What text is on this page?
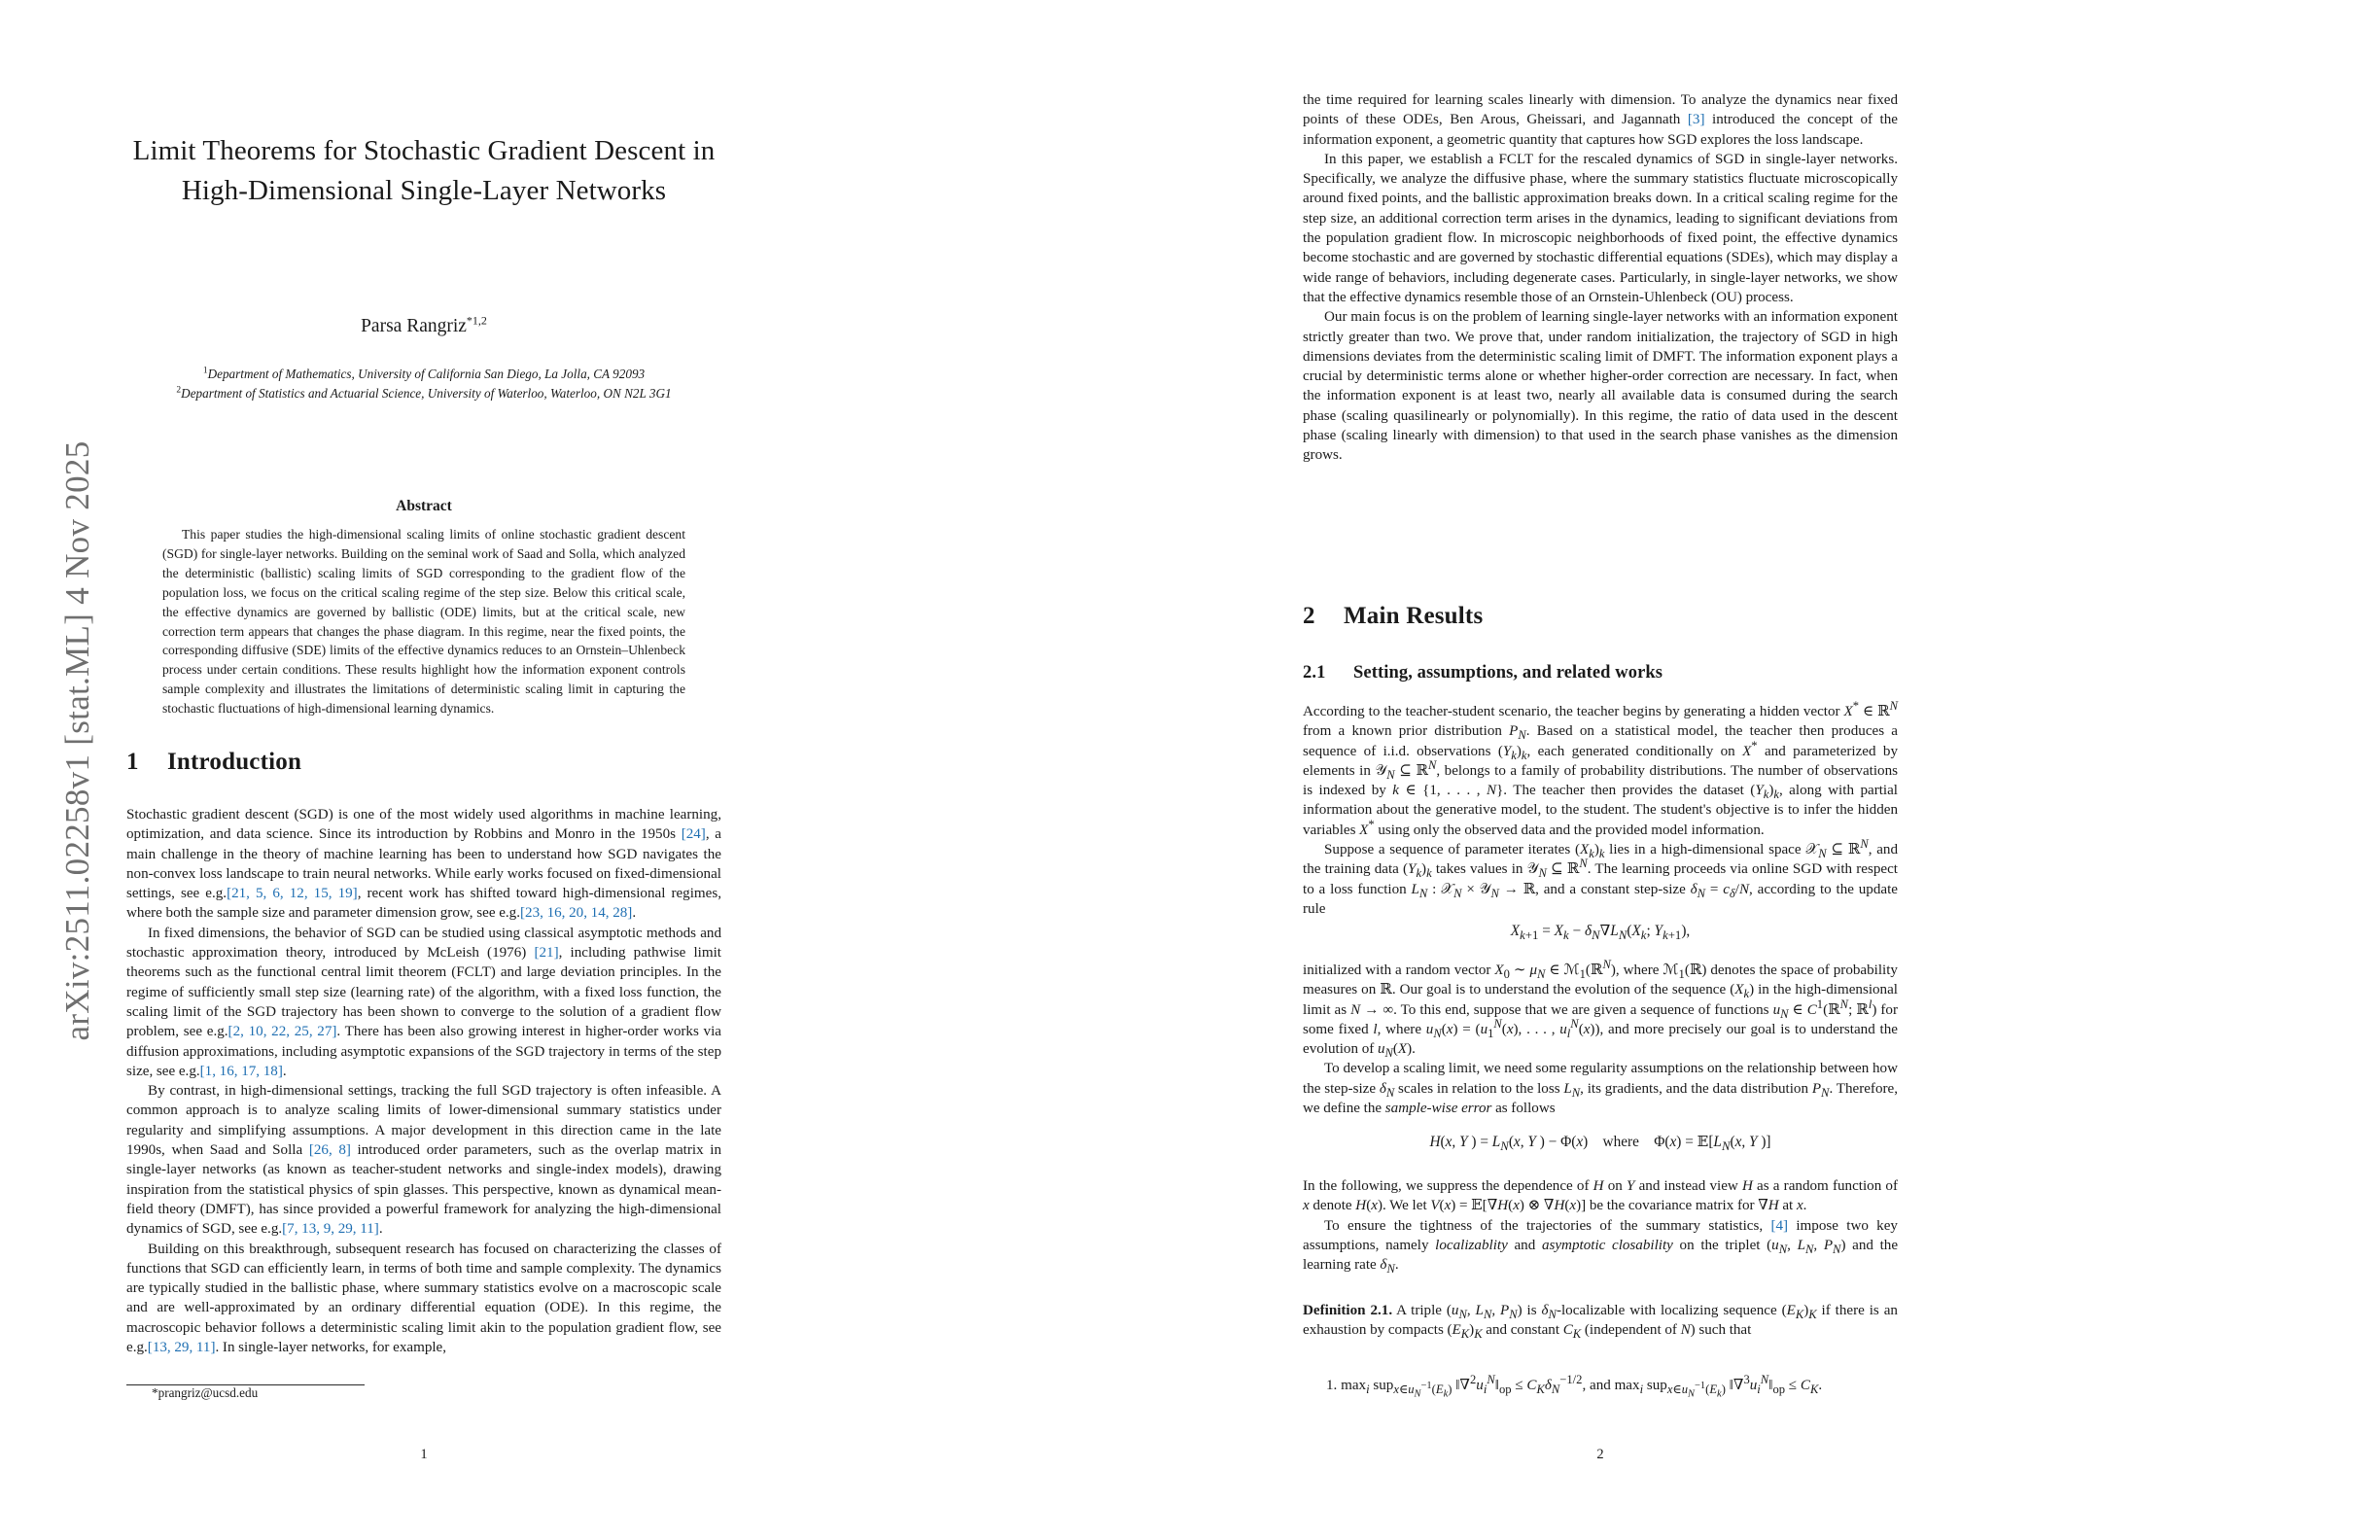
arXiv:2511.02258v1 [stat.ML] 4 Nov 2025
Limit Theorems for Stochastic Gradient Descent in
High-Dimensional Single-Layer Networks

Parsa Rangriz$^{*1,2}$

$^1$Department of Mathematics, University of California San Diego, La Jolla, CA 92093

$^2$Department of Statistics and Actuarial Science, University of Waterloo, Waterloo, ON N2L 3G1

Abstract

This paper studies the high-dimensional scaling limits of online stochastic gradient descent (SGD) for single-layer networks. Building on the seminal work of Saad and Solla, which analyzed the deterministic (ballistic) scaling limits of SGD corresponding to the gradient flow of the population loss, we focus on the critical scaling regime of the step size. Below this critical scale, the effective dynamics are governed by ballistic (ODE) limits, but at the critical scale, new correction term appears that changes the phase diagram. In this regime, near the fixed points, the corresponding diffusive (SDE) limits of the effective dynamics reduces to an Ornstein–Uhlenbeck process under certain conditions. These results highlight how the information exponent controls sample complexity and illustrates the limitations of deterministic scaling limit in capturing the stochastic fluctuations of high-dimensional learning dynamics.

1 Introduction

Stochastic gradient descent (SGD) is one of the most widely used algorithms in machine learning, optimization, and data science. Since its introduction by Robbins and Monro in the 1950s [24], a main challenge in the theory of machine learning has been to understand how SGD navigates the non-convex loss landscape to train neural networks. While early works focused on fixed-dimensional settings, see e.g.[21, 5, 6, 12, 15, 19], recent work has shifted toward high-dimensional regimes, where both the sample size and parameter dimension grow, see e.g.[23, 16, 20, 14, 28].

In fixed dimensions, the behavior of SGD can be studied using classical asymptotic methods and stochastic approximation theory, introduced by McLeish (1976) [21], including pathwise limit theorems such as the functional central limit theorem (FCLT) and large deviation principles. In the regime of sufficiently small step size (learning rate) of the algorithm, with a fixed loss function, the scaling limit of the SGD trajectory has been shown to converge to the solution of a gradient flow problem, see e.g.[2, 10, 22, 25, 27]. There has been also growing interest in higher-order works via diffusion approximations, including asymptotic expansions of the SGD trajectory in terms of the step size, see e.g.[1, 16, 17, 18].

By contrast, in high-dimensional settings, tracking the full SGD trajectory is often infeasible. A common approach is to analyze scaling limits of lower-dimensional summary statistics under regularity and simplifying assumptions. A major development in this direction came in the late 1990s, when Saad and Solla [26, 8] introduced order parameters, such as the overlap matrix in single-layer networks (as known as teacher-student networks and single-index models), drawing inspiration from the statistical physics of spin glasses. This perspective, known as dynamical mean-field theory (DMFT), has since provided a powerful framework for analyzing the high-dimensional dynamics of SGD, see e.g.[7, 13, 9, 29, 11].

Building on this breakthrough, subsequent research has focused on characterizing the classes of functions that SGD can efficiently learn, in terms of both time and sample complexity. The dynamics are typically studied in the ballistic phase, where summary statistics evolve on a macroscopic scale and are well-approximated by an ordinary differential equation (ODE). In this regime, the macroscopic behavior follows a deterministic scaling limit akin to the population gradient flow, see e.g.[13, 29, 11]. In single-layer networks, for example,

*prangriz@ucsd.edu

1

the time required for learning scales linearly with dimension. To analyze the dynamics near fixed points of these ODEs, Ben Arous, Gheissari, and Jagannath [3] introduced the concept of the information exponent, a geometric quantity that captures how SGD explores the loss landscape.

In this paper, we establish a FCLT for the rescaled dynamics of SGD in single-layer networks. Specifically, we analyze the diffusive phase, where the summary statistics fluctuate microscopically around fixed points, and the ballistic approximation breaks down. In a critical scaling regime for the step size, an additional correction term arises in the dynamics, leading to significant deviations from the population gradient flow. In microscopic neighborhoods of fixed point, the effective dynamics become stochastic and are governed by stochastic differential equations (SDEs), which may display a wide range of behaviors, including degenerate cases. Particularly, in single-layer networks, we show that the effective dynamics resemble those of an Ornstein-Uhlenbeck (OU) process.

Our main focus is on the problem of learning single-layer networks with an information exponent strictly greater than two. We prove that, under random initialization, the trajectory of SGD in high dimensions deviates from the deterministic scaling limit of DMFT. The information exponent plays a crucial by deterministic terms alone or whether higher-order correction are necessary. In fact, when the information exponent is at least two, nearly all available data is consumed during the search phase (scaling quasilinearly or polynomially). In this regime, the ratio of data used in the descent phase (scaling linearly with dimension) to that used in the search phase vanishes as the dimension grows.

2 Main Results
2.1 Setting, assumptions, and related works

According to the teacher-student scenario, the teacher begins by generating a hidden vector X* ∈ ℝ$^N$ from a known prior distribution $P_N$. Based on a statistical model, the teacher then produces a sequence of i.i.d. observations $(Y_k)_k$, each generated conditionally on X* and parameterized by elements in 𝒴$_N$ ⊆ ℝ$^N$, belongs to a family of probability distributions. The number of observations is indexed by k ∈ {1, . . . , N}. The teacher then provides the dataset $(Y_k)_k$, along with partial information about the generative model, to the student. The student's objective is to infer the hidden variables X* using only the observed data and the provided model information.

Suppose a sequence of parameter iterates $(X_k)_k$ lies in a high-dimensional space 𝒳$_N$ ⊆ ℝ$^N$, and the training data $(Y_k)_k$ takes values in 𝒴$_N$ ⊆ ℝ$^N$. The learning proceeds via online SGD with respect to a loss function $L_N$ : 𝒳$_N$ × 𝒴$_N$ → ℝ, and a constant step-size $\delta_N = c_\delta/N$, according to the update rule

$X_{k+1} = X_k - \delta_N\nabla L_N(X_k$; $Y_{k+1}$),

initialized with a random vector $X_0$ ∼ $\mu_N$ ∈ ℳ$_1$(ℝ$^N$), where ℳ$_1$(ℝ) denotes the space of probability measures on ℝ. Our goal is to understand the evolution of the sequence $(X_k)$ in the high-dimensional limit as N → ∞. To this end, suppose that we are given a sequence of functions $u_N$ ∈ $C^1(ℝ^N$; ℝ$^l$) for some fixed l, where $u_N(x) = (u_1^N(x)$, . . . , $u_l^N(x)$), and more precisely our goal is to understand the evolution of $u_N(X)$.

To develop a scaling limit, we need some regularity assumptions on the relationship between how the step-size $\delta_N$ scales in relation to the loss $L_N$, its gradients, and the data distribution $P_N$. Therefore, we define the sample-wise error as follows

H(x, Y ) = $L_N(x$, Y ) − Φ(x)    where    $\Phi(x) = 𝔼[L_N(x$, Y )]

In the following, we suppress the dependence of H on Y and instead view H as a random function of x denote H(x). We let V(x) = 𝔼[∇H(x) ⊗ ∇H(x)] be the covariance matrix for ∇H at x.

To ensure the tightness of the trajectories of the summary statistics, [4] impose two key assumptions, namely localizablity and asymptotic closability on the triplet ($u_N$, $L_N$, $P_N$) and the learning rate $\delta_N$.

Definition 2.1. A triple ($u_N$, $L_N$, $P_N$) is $\delta_N$-localizable with localizing sequence $(E_K)_K$ if there is an exhaustion by compacts $(E_K)_K$ and constant $C_K$ (independent of N) such that

1. $\max_i sup_{x\in u_N^{-1}(E_k)}$ $‖\nabla^2u_i^N‖_{op} \le C_K\delta_N^{-1/2}$, and $\max_i sup_{x\in u_N^{-1}(E_k)}$ $‖\nabla^3u_i^N‖_{op} \le C_K$.

2
